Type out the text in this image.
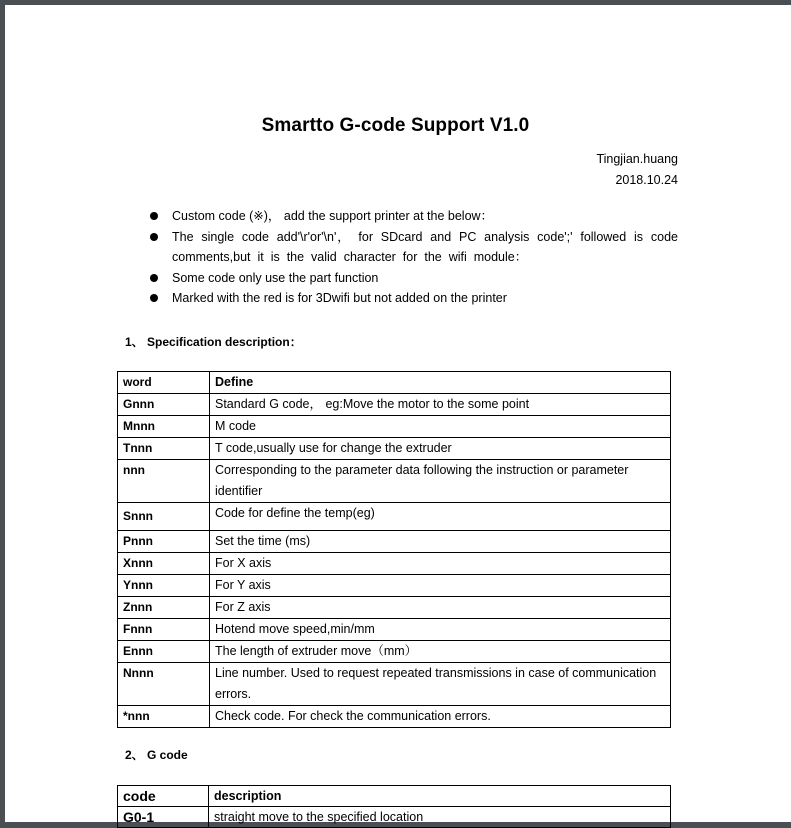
Smartto G-code Support V1.0
Tingjian.huang
2018.10.24
Custom code (※)， add the support printer at the below：
The single code add'\r'or'\n'， for SDcard and PC analysis code';' followed is code comments,but it is the valid character for the wifi module：
Some code only use the part function
Marked with the red is for 3Dwifi but not added on the printer
1、 Specification description：
word	Define
Gnnn	Standard G code， eg:Move the motor to the some point
Mnnn	M code
Tnnn	T code,usually use for change the extruder
nnn	Corresponding to the parameter data following the instruction or parameter identifier
Snnn	Code for define the temp(eg)
Pnnn	Set the time (ms)
Xnnn	For X axis
Ynnn	For Y axis
Znnn	For Z axis
Fnnn	Hotend move speed,min/mm
Ennn	The length of extruder move（mm）
Nnnn	Line number. Used to request repeated transmissions in case of communication errors.
*nnn	Check code. For check the communication errors.
2、 G code
code	description
G0-1	straight move to the specified location
